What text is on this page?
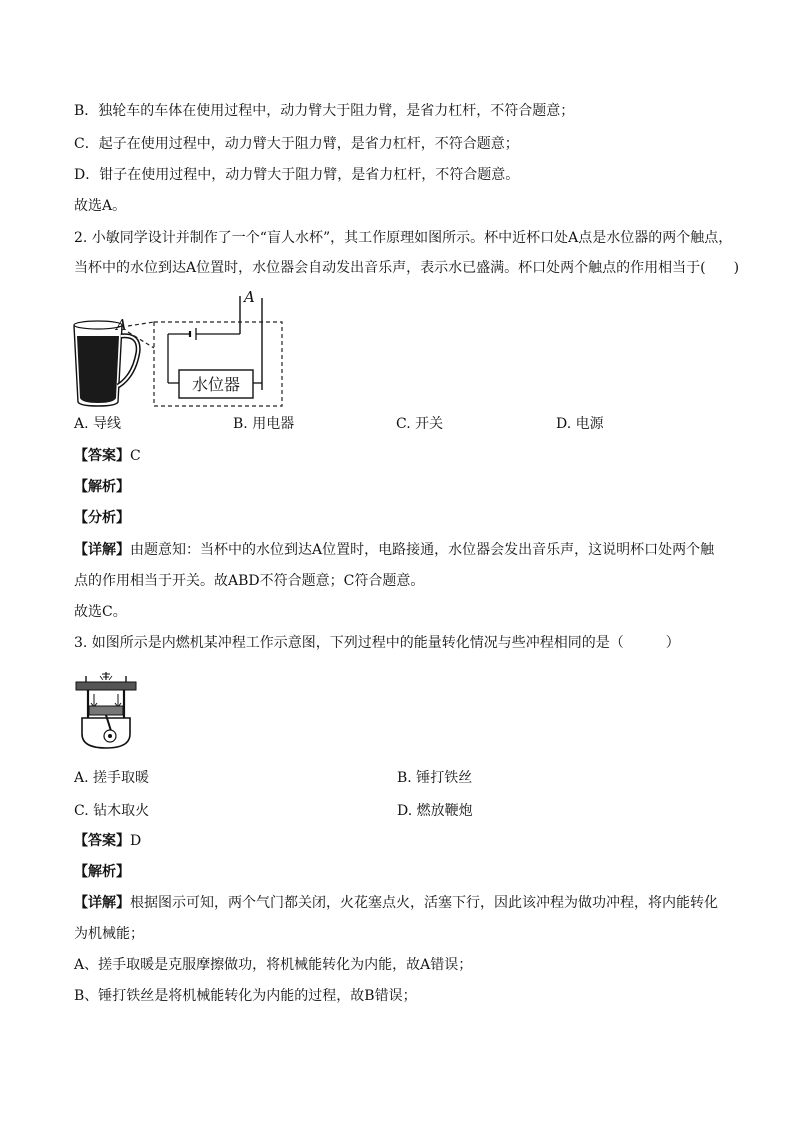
B．独轮车的车体在使用过程中，动力臂大于阻力臂，是省力杠杆，不符合题意；
C．起子在使用过程中，动力臂大于阻力臂，是省力杠杆，不符合题意；
D．钳子在使用过程中，动力臂大于阻力臂，是省力杠杆，不符合题意。
故选A。
2. 小敏同学设计并制作了一个“盲人水杯”，其工作原理如图所示。杯中近杯口处A点是水位器的两个触点，
当杯中的水位到达A位置时，水位器会自动发出音乐声，表示水已盛满。杯口处两个触点的作用相当于(　　)
水位器
A
A
A. 导线	B. 用电器	C. 开关	D. 电源
【答案】C
【解析】
【分析】
【详解】由题意知：当杯中的水位到达A位置时，电路接通，水位器会发出音乐声，这说明杯口处两个触
点的作用相当于开关。故ABD不符合题意；C符合题意。
故选C。
3. 如图所示是内燃机某冲程工作示意图，下列过程中的能量转化情况与些冲程相同的是（　　　）
A. 搓手取暖	B. 锤打铁丝
C. 钻木取火	D. 燃放鞭炮
【答案】D
【解析】
【详解】根据图示可知，两个气门都关闭，火花塞点火，活塞下行，因此该冲程为做功冲程，将内能转化
为机械能；
A、搓手取暖是克服摩擦做功，将机械能转化为内能，故A错误；
B、锤打铁丝是将机械能转化为内能的过程，故B错误；
